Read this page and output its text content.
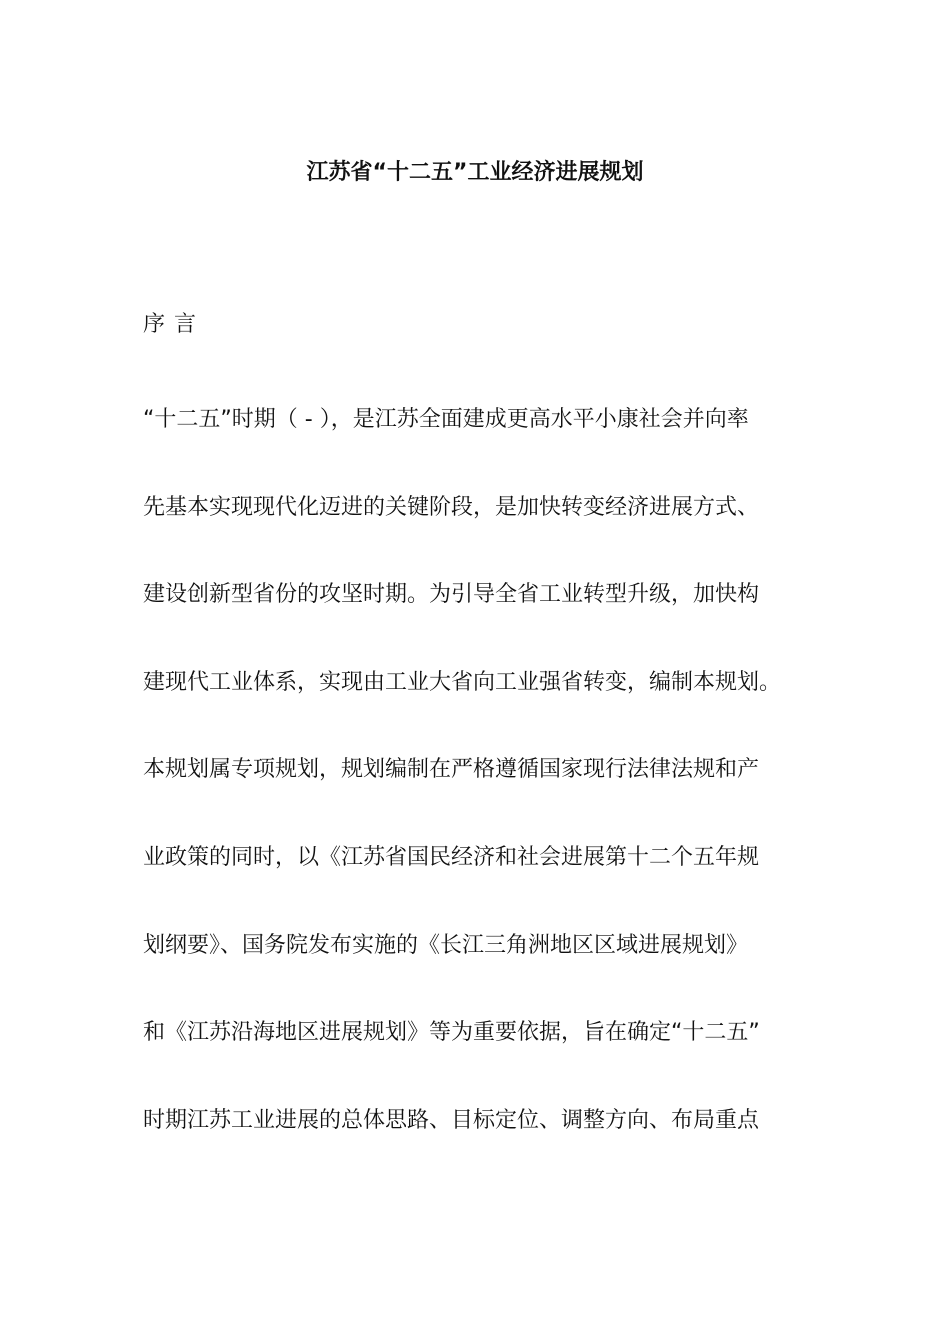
江苏省“十二五”工业经济进展规划
序 言
“十二五”时期（ - ），是江苏全面建成更高水平小康社会并向率
先基本实现现代化迈进的关键阶段，是加快转变经济进展方式、
建设创新型省份的攻坚时期。为引导全省工业转型升级，加快构
建现代工业体系，实现由工业大省向工业强省转变，编制本规划。
本规划属专项规划，规划编制在严格遵循国家现行法律法规和产
业政策的同时，以《江苏省国民经济和社会进展第十二个五年规
划纲要》、国务院发布实施的《长江三角洲地区区域进展规划》
和《江苏沿海地区进展规划》等为重要依据，旨在确定“十二五”
时期江苏工业进展的总体思路、目标定位、调整方向、布局重点
